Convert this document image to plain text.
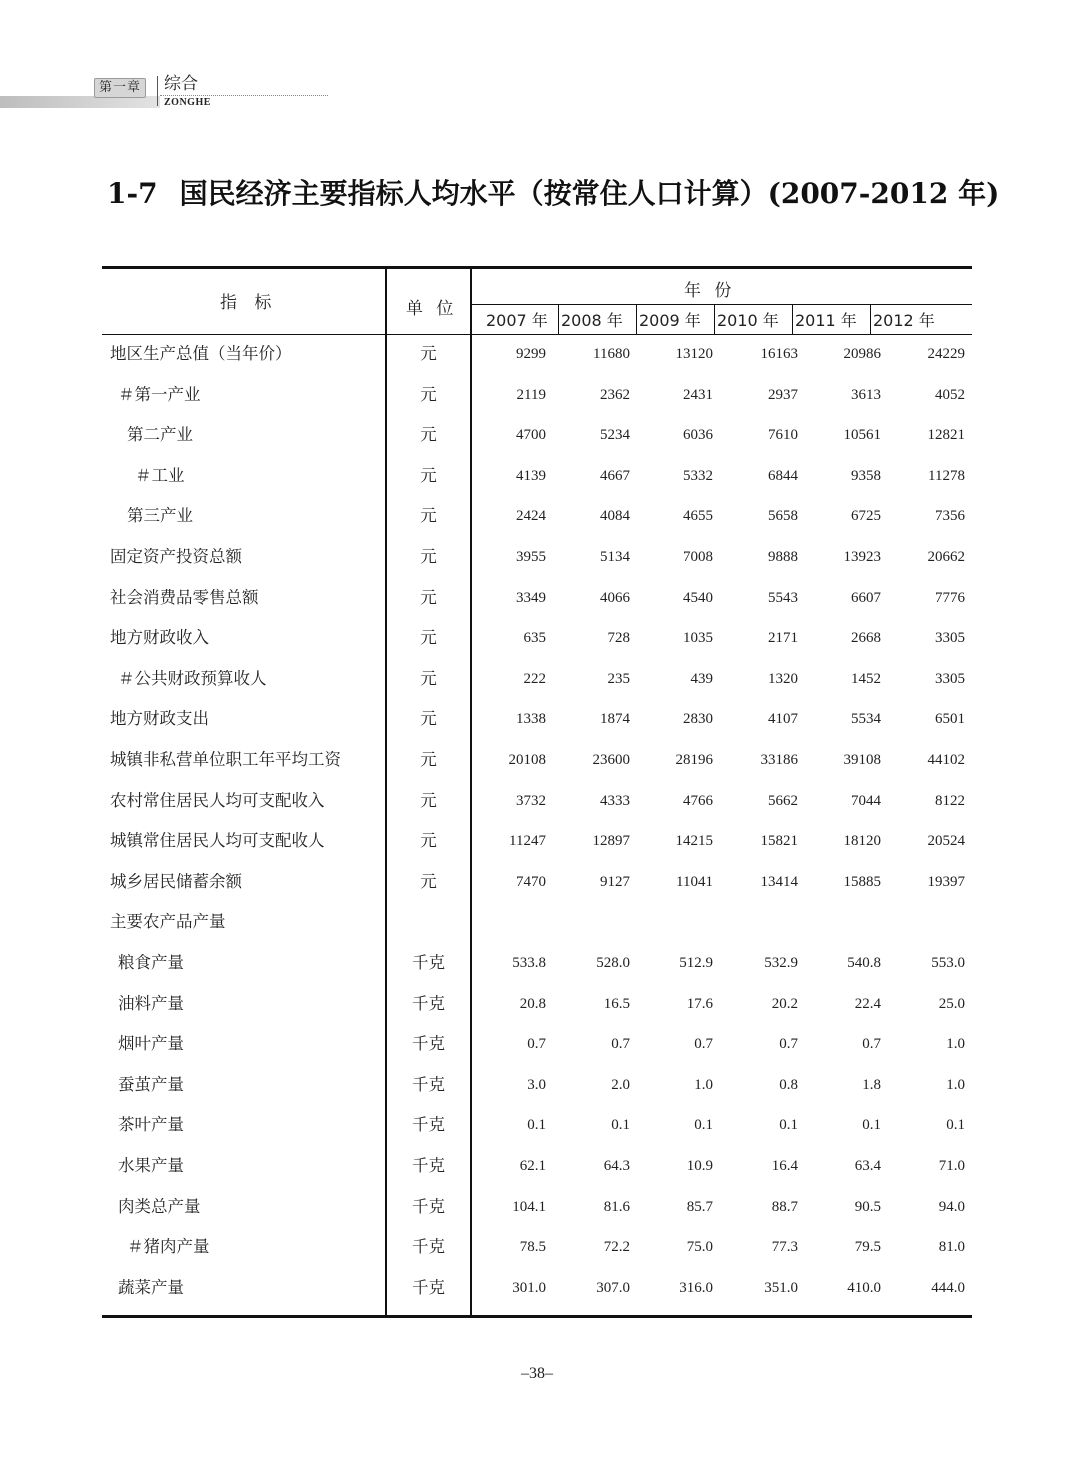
第一章 综合
ZONGHE
1-7 国民经济主要指标人均水平（按常住人口计算）(2007-2012 年)
指 标	单 位
年 份
2007 年 2008 年 2009 年 2010 年 2011 年 2012 年
地区生产总值（当年价）	元	9299	11680	13120	16163	20986	24229
＃第一产业	元	2119	2362	2431	2937	3613	4052
第二产业	元	4700	5234	6036	7610	10561	12821
＃工业	元	4139	4667	5332	6844	9358	11278
第三产业	元	2424	4084	4655	5658	6725	7356
固定资产投资总额	元	3955	5134	7008	9888	13923	20662
社会消费品零售总额	元	3349	4066	4540	5543	6607	7776
地方财政收入	元	635	728	1035	2171	2668	3305
＃公共财政预算收人	元	222	235	439	1320	1452	3305
地方财政支出	元	1338	1874	2830	4107	5534	6501
城镇非私营单位职工年平均工资	元	20108	23600	28196	33186	39108	44102
农村常住居民人均可支配收入	元	3732	4333	4766	5662	7044	8122
城镇常住居民人均可支配收人	元	11247	12897	14215	15821	18120	20524
城乡居民储蓄余额	元	7470	9127	11041	13414	15885	19397
主要农产品产量
粮食产量	千克	533.8	528.0	512.9	532.9	540.8	553.0
油料产量	千克	20.8	16.5	17.6	20.2	22.4	25.0
烟叶产量	千克	0.7	0.7	0.7	0.7	0.7	1.0
蚕茧产量	千克	3.0	2.0	1.0	0.8	1.8	1.0
茶叶产量	千克	0.1	0.1	0.1	0.1	0.1	0.1
水果产量	千克	62.1	64.3	10.9	16.4	63.4	71.0
肉类总产量	千克	104.1	81.6	85.7	88.7	90.5	94.0
＃猪肉产量	千克	78.5	72.2	75.0	77.3	79.5	81.0
蔬菜产量	千克	301.0	307.0	316.0	351.0	410.0	444.0
–38–
